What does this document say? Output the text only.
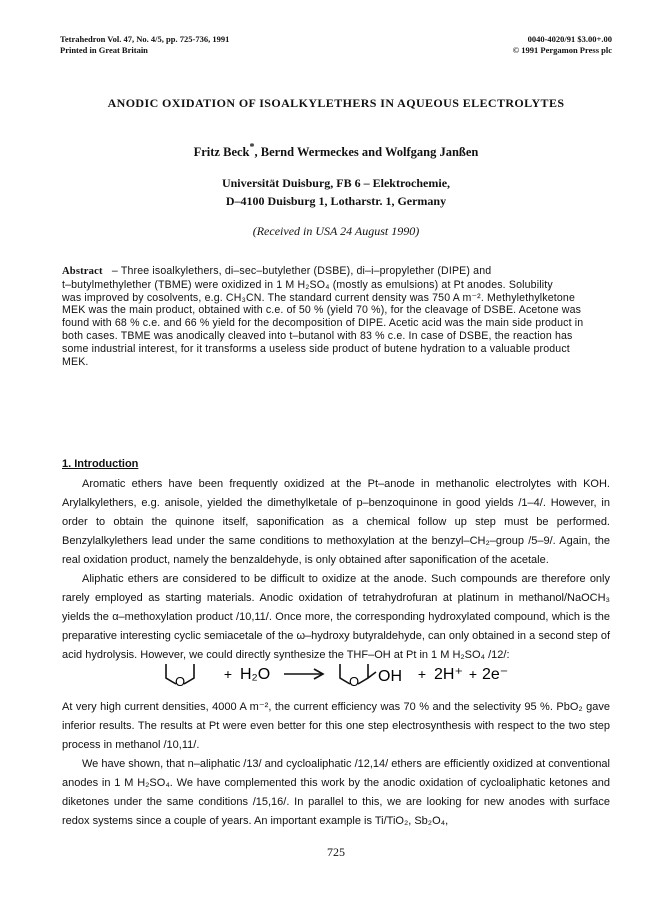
Tetrahedron Vol. 47, No. 4/5, pp. 725-736, 1991
Printed in Great Britain
0040-4020/91 $3.00+.00
© 1991 Pergamon Press plc
ANODIC OXIDATION OF ISOALKYLETHERS IN AQUEOUS ELECTROLYTES
Fritz Beck*, Bernd Wermeckes and Wolfgang Janßen
Universität Duisburg, FB 6 – Elektrochemie,
D–4100 Duisburg 1, Lotharstr. 1, Germany
(Received in USA 24 August 1990)
Abstract – Three isoalkylethers, di–sec–butylether (DSBE), di–i–propylether (DIPE) and
t–butylmethylether (TBME) were oxidized in 1 M H₂SO₄ (mostly as emulsions) at Pt anodes. Solubility
was improved by cosolvents, e.g. CH₃CN. The standard current density was 750 A m⁻². Methylethylketone
MEK was the main product, obtained with c.e. of 50 % (yield 70 %), for the cleavage of DSBE. Acetone was
found with 68 % c.e. and 66 % yield for the decomposition of DIPE. Acetic acid was the main side product in
both cases. TBME was anodically cleaved into t–butanol with 83 % c.e. In case of DSBE, the reaction has
some industrial interest, for it transforms a useless side product of butene hydration to a valuable product
MEK.
1. Introduction

Aromatic ethers have been frequently oxidized at the Pt–anode in methanolic electrolytes with KOH. Arylalkylethers, e.g. anisole, yielded the dimethylketale of p–benzoquinone in good yields /1–4/. However, in order to obtain the quinone itself, saponification as a chemical follow up step must be performed. Benzylalkylethers lead under the same conditions to methoxylation at the benzyl–CH₂–group /5–9/. Again, the real oxidation product, namely the benzaldehyde, is only obtained after saponification of the acetale.

Aliphatic ethers are considered to be difficult to oxidize at the anode. Such compounds are therefore only rarely employed as starting materials. Anodic oxidation of tetrahydrofuran at platinum in methanol/NaOCH₃ yields the α–methoxylation product /10,11/. Once more, the corresponding hydroxylated compound, which is the preparative interesting cyclic semiacetale of the ω–hydroxy butyraldehyde, can only obtained in a second step of acid hydrolysis. However, we could directly synthesize the THF–OH at Pt in 1 M H₂SO₄ /12/:

O	+ H₂O	O OH + 2H⁺ + 2e⁻

At very high current densities, 4000 A m⁻², the current efficiency was 70 % and the selectivity 95 %. PbO₂ gave inferior results. The results at Pt were even better for this one step electrosynthesis with respect to the two step process in methanol /10,11/.

We have shown, that n–aliphatic /13/ and cycloaliphatic /12,14/ ethers are efficiently oxidized at conventional anodes in 1 M H₂SO₄. We have complemented this work by the anodic oxidation of cycloaliphatic ketones and diketones under the same conditions /15,16/. In parallel to this, we are looking for new anodes with surface redox systems since a couple of years. An important example is Ti/TiO₂, Sb₂O₄,

725
